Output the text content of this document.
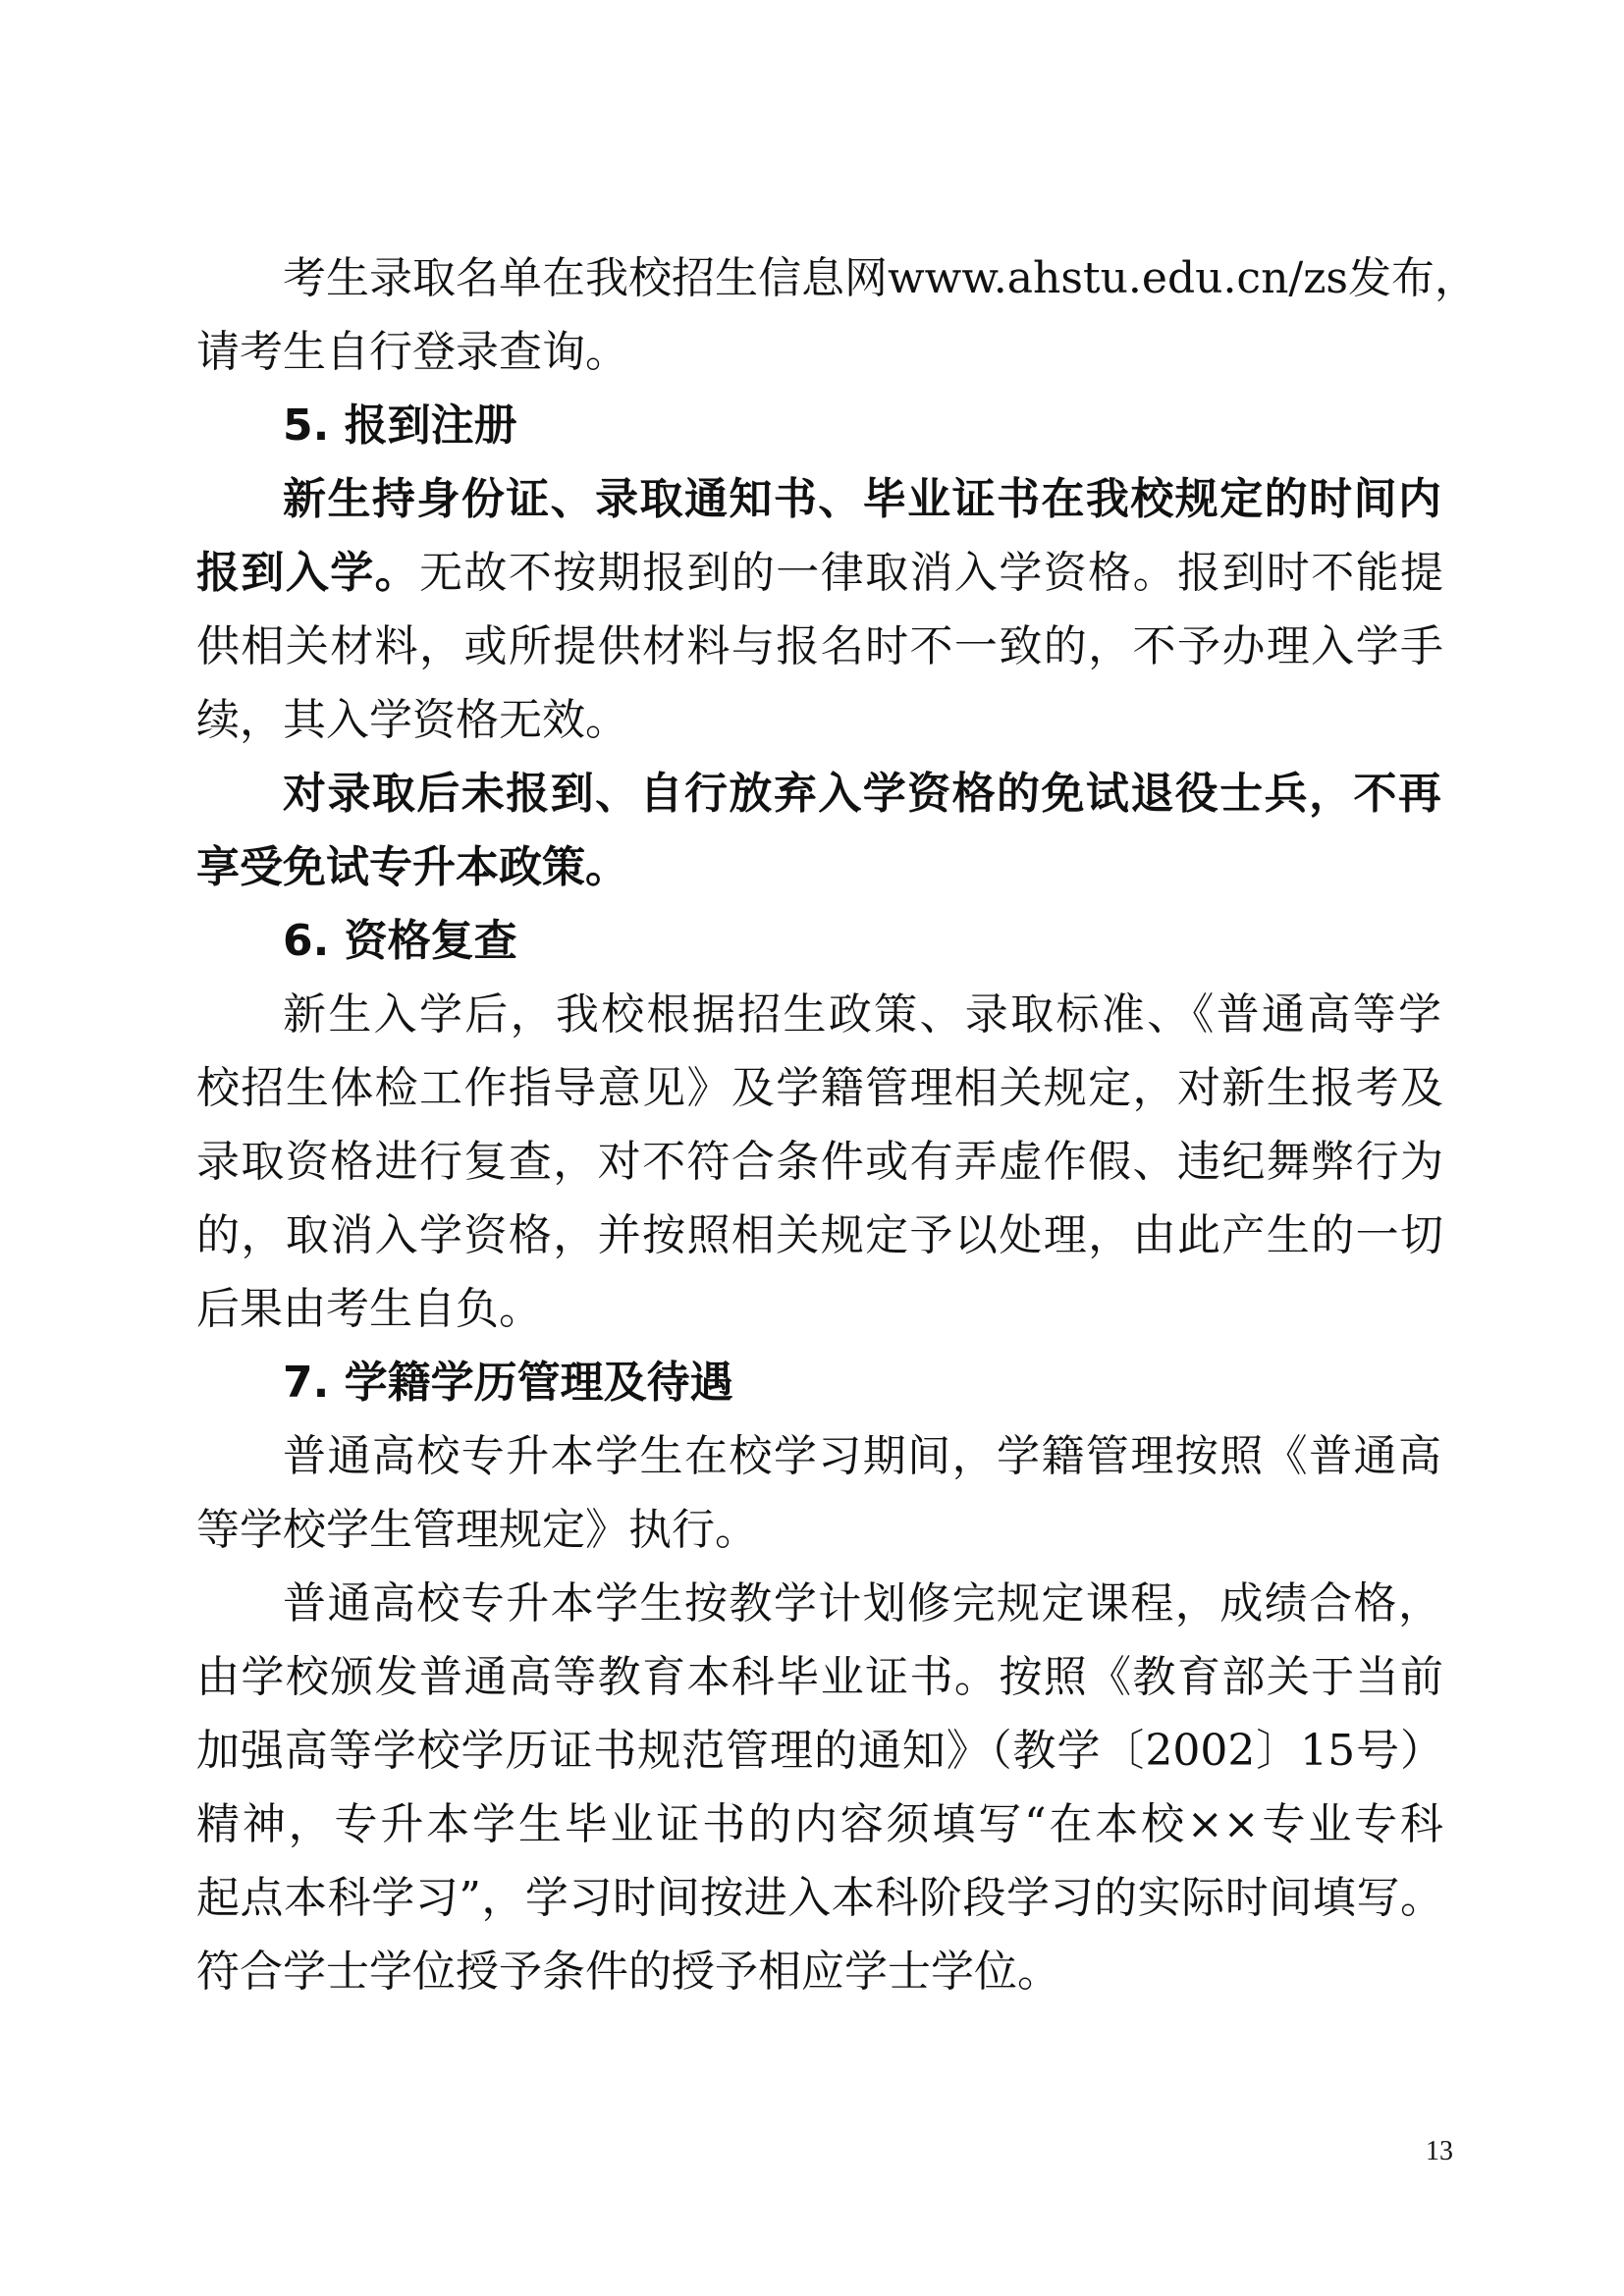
考生录取名单在我校招生信息网www.ahstu.edu.cn/zs发布，
请考生自行登录查询。
5. 报到注册
新生持身份证、录取通知书、毕业证书在我校规定的时间内
报到入学。无故不按期报到的一律取消入学资格。报到时不能提
供相关材料，或所提供材料与报名时不一致的，不予办理入学手
续，其入学资格无效。
对录取后未报到、自行放弃入学资格的免试退役士兵，不再
享受免试专升本政策。
6. 资格复查
新生入学后，我校根据招生政策、录取标准、《普通高等学
校招生体检工作指导意见》及学籍管理相关规定，对新生报考及
录取资格进行复查，对不符合条件或有弄虚作假、违纪舞弊行为
的，取消入学资格，并按照相关规定予以处理，由此产生的一切
后果由考生自负。
7. 学籍学历管理及待遇
普通高校专升本学生在校学习期间，学籍管理按照《普通高
等学校学生管理规定》执行。
普通高校专升本学生按教学计划修完规定课程，成绩合格，
由学校颁发普通高等教育本科毕业证书。按照《教育部关于当前
加强高等学校学历证书规范管理的通知》（教学〔2002〕15号）
精神，专升本学生毕业证书的内容须填写“在本校××专业专科
起点本科学习”，学习时间按进入本科阶段学习的实际时间填写。
符合学士学位授予条件的授予相应学士学位。
13
